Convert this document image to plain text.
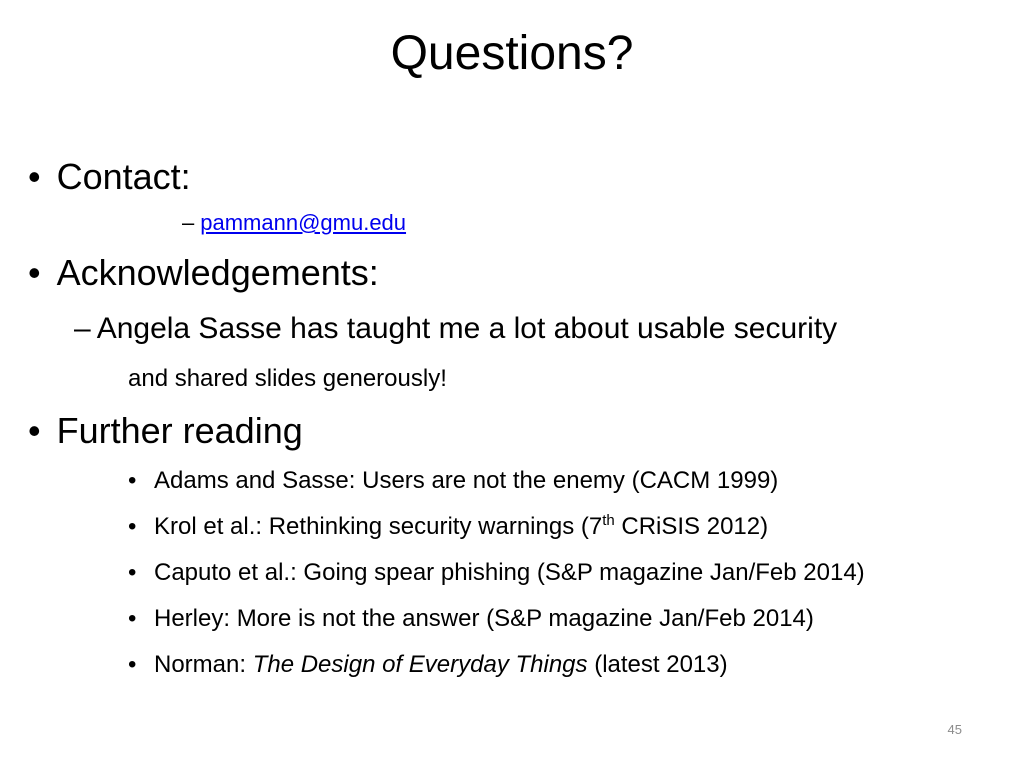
Questions?
• Contact:
– pammann@gmu.edu
• Acknowledgements:
– Angela Sasse has taught me a lot about usable security
and shared slides generously!
• Further reading
• Adams and Sasse: Users are not the enemy (CACM 1999)
• Krol et al.: Rethinking security warnings (7th CRiSIS 2012)
• Caputo et al.: Going spear phishing (S&P magazine Jan/Feb 2014)
• Herley: More is not the answer (S&P magazine Jan/Feb 2014)
• Norman: The Design of Everyday Things (latest 2013)
45
